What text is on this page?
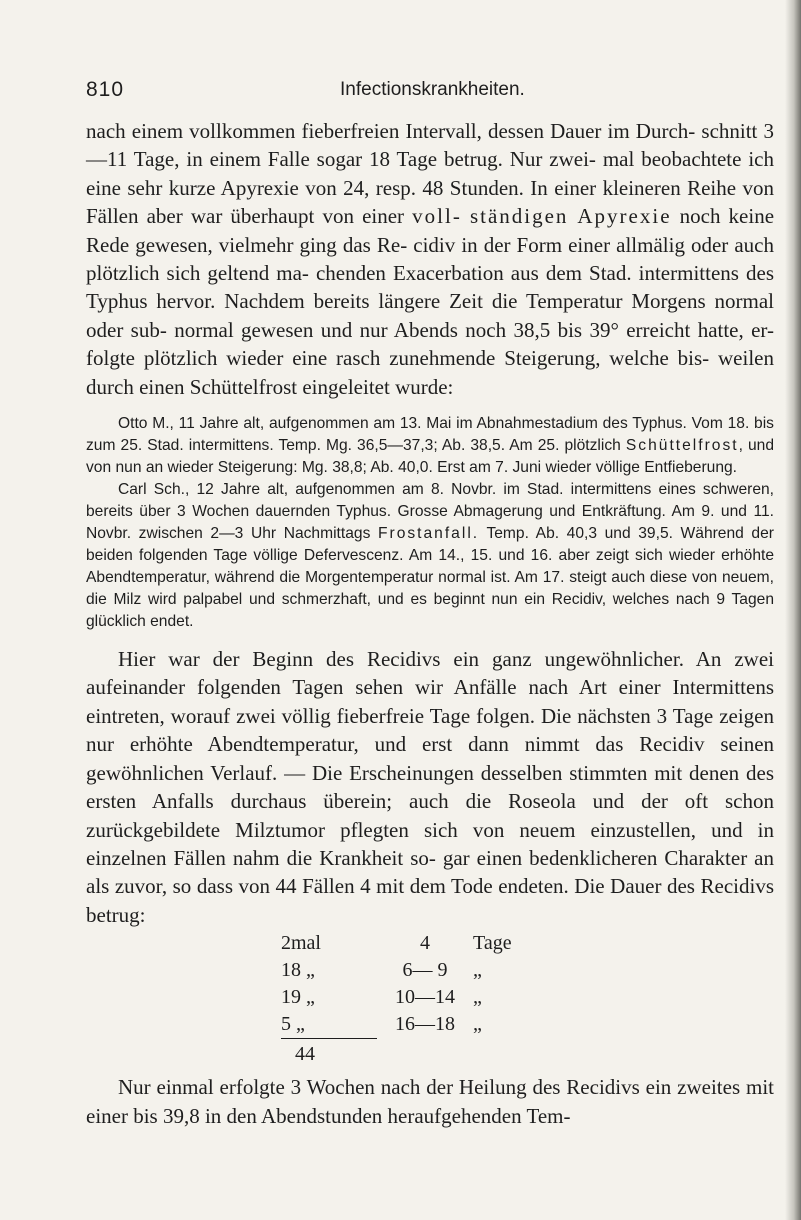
810	Infectionskrankheiten.

nach einem vollkommen fieberfreien Intervall, dessen Dauer im Durch- schnitt 3—11 Tage, in einem Falle sogar 18 Tage betrug. Nur zwei- mal beobachtete ich eine sehr kurze Apyrexie von 24, resp. 48 Stunden. In einer kleineren Reihe von Fällen aber war überhaupt von einer voll- ständigen Apyrexie noch keine Rede gewesen, vielmehr ging das Re- cidiv in der Form einer allmälig oder auch plötzlich sich geltend ma- chenden Exacerbation aus dem Stad. intermittens des Typhus hervor. Nachdem bereits längere Zeit die Temperatur Morgens normal oder sub- normal gewesen und nur Abends noch 38,5 bis 39° erreicht hatte, er- folgte plötzlich wieder eine rasch zunehmende Steigerung, welche bis- weilen durch einen Schüttelfrost eingeleitet wurde:

Otto M., 11 Jahre alt, aufgenommen am 13. Mai im Abnahmestadium des Typhus. Vom 18. bis zum 25. Stad. intermittens. Temp. Mg. 36,5—37,3; Ab. 38,5. Am 25. plötzlich Schüttelfrost, und von nun an wieder Steigerung: Mg. 38,8; Ab. 40,0. Erst am 7. Juni wieder völlige Entfieberung.

Carl Sch., 12 Jahre alt, aufgenommen am 8. Novbr. im Stad. intermittens eines schweren, bereits über 3 Wochen dauernden Typhus. Grosse Abmagerung und Entkräftung. Am 9. und 11. Novbr. zwischen 2—3 Uhr Nachmittags Frostanfall. Temp. Ab. 40,3 und 39,5. Während der beiden folgenden Tage völlige Defervescenz. Am 14., 15. und 16. aber zeigt sich wieder erhöhte Abendtemperatur, während die Morgentemperatur normal ist. Am 17. steigt auch diese von neuem, die Milz wird palpabel und schmerzhaft, und es beginnt nun ein Recidiv, welches nach 9 Tagen glücklich endet.

Hier war der Beginn des Recidivs ein ganz ungewöhnlicher. An zwei aufeinander folgenden Tagen sehen wir Anfälle nach Art einer Intermittens eintreten, worauf zwei völlig fieberfreie Tage folgen. Die nächsten 3 Tage zeigen nur erhöhte Abendtemperatur, und erst dann nimmt das Recidiv seinen gewöhnlichen Verlauf. — Die Erscheinungen desselben stimmten mit denen des ersten Anfalls durchaus überein; auch die Roseola und der oft schon zurückgebildete Milztumor pflegten sich von neuem einzustellen, und in einzelnen Fällen nahm die Krankheit so- gar einen bedenklicheren Charakter an als zuvor, so dass von 44 Fällen 4 mit dem Tode endeten. Die Dauer des Recidivs betrug:

2mal	4	Tage
18 „	6— 9	„
19 „	10—14	„
5 „	16—18	„
44		

Nur einmal erfolgte 3 Wochen nach der Heilung des Recidivs ein zweites mit einer bis 39,8 in den Abendstunden heraufgehenden Tem-
